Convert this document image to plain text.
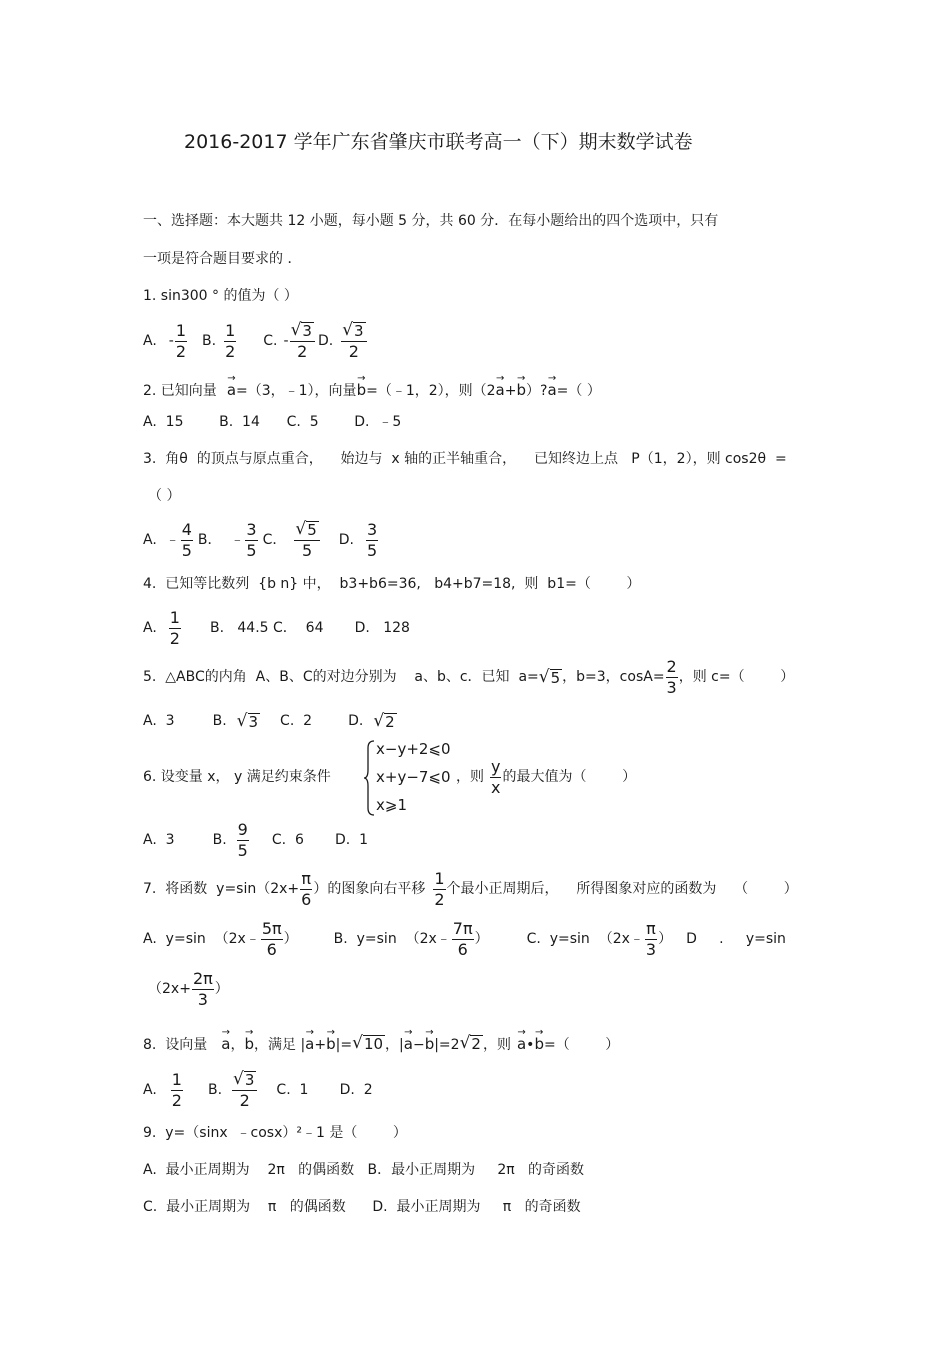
2016-2017 学年广东省肇庆市联考高一（下）期末数学试卷
一、选择题：本大题共 12 小题，每小题 5 分，共 60 分．在每小题给出的四个选项中，只有
一项是符合题目要求的 ．
1. sin300 ° 的值为（ ）
A. - $\frac{1}{2} B$. $\frac{1}{2} C$. - $\frac{√ 3}{2} D$. $\frac{√ 3}{2}$
2. 已知向量
→
a =（3，﹣1），向量
→
b =（﹣1，2），则（2
→
a +
→
b ）?
→
a =（ ）
A.  15        B.  14      C.  5        D.  ﹣5
3.  角θ  的顶点与原点重合，    始边与  x 轴的正半轴重合，    已知终边上点   P（1，2），则 cos2θ  =
（ ）
A.  ﹣ $\frac{4}{5}$ B．  ﹣ $\frac{3}{5}$ C． $\frac{√ 5}{5} D$. $\frac{3}{5}$
4.  已知等比数列  {b n} 中，  b3+b6=36,   b4+b7=18,  则  b1=（        ）
A. $\frac{1}{2} B$.   44.5 C．  64       D.   128
5.  △ABC的内角  A、B、C的对边分别为    a、b、c．已知  a= √ 5 ，b=3，$\cos A= \frac{2}{3}$ ，则 c=（        ）
A.  3	B. √ 3 C.  2	D. √ 2
6. 设变量 x， y 满足约束条件
x−y+2⩽0
x+y−7⩽0
x⩾1
，则 $\frac{y}{x}$ 的最大值为（        ）
A.  3	B. $\frac{9}{5} C$.  6       D.  1
7.  将函数  $y=\sin(2x+ \frac{\pi}{6}$ ）的图象向右平移 $\frac{1}{2}$ 个最小正周期后，    所得图象对应的函数为    （        ）
A.  y=sin  （2x﹣ $\frac{5\pi}{6}$ ）	B.  y=sin  （2x﹣ $\frac{7\pi}{6}$ ）	C.  y=sin  （2x﹣ $\frac{\pi}{3}$ ） D     .     y=sin
（$2x+ \frac{2\pi}{3}$ ）
8.  设向量
→
a ，
→
b ，满足 |
→
a +
→
b |= √ 10 ，|
→
a −
→
b |=2 √ 2 ，则
→
a •
→
b =（        ）
A. $\frac{1}{2} B$. $\frac{√ 3}{2} C$.  1       D.  2
9.  y=（sinx  ﹣cosx）²﹣1 是（        ）
A.  最小正周期为    2π   的偶函数   B．最小正周期为     2π   的奇函数
C.  最小正周期为    π   的偶函数      D.  最小正周期为     π   的奇函数
